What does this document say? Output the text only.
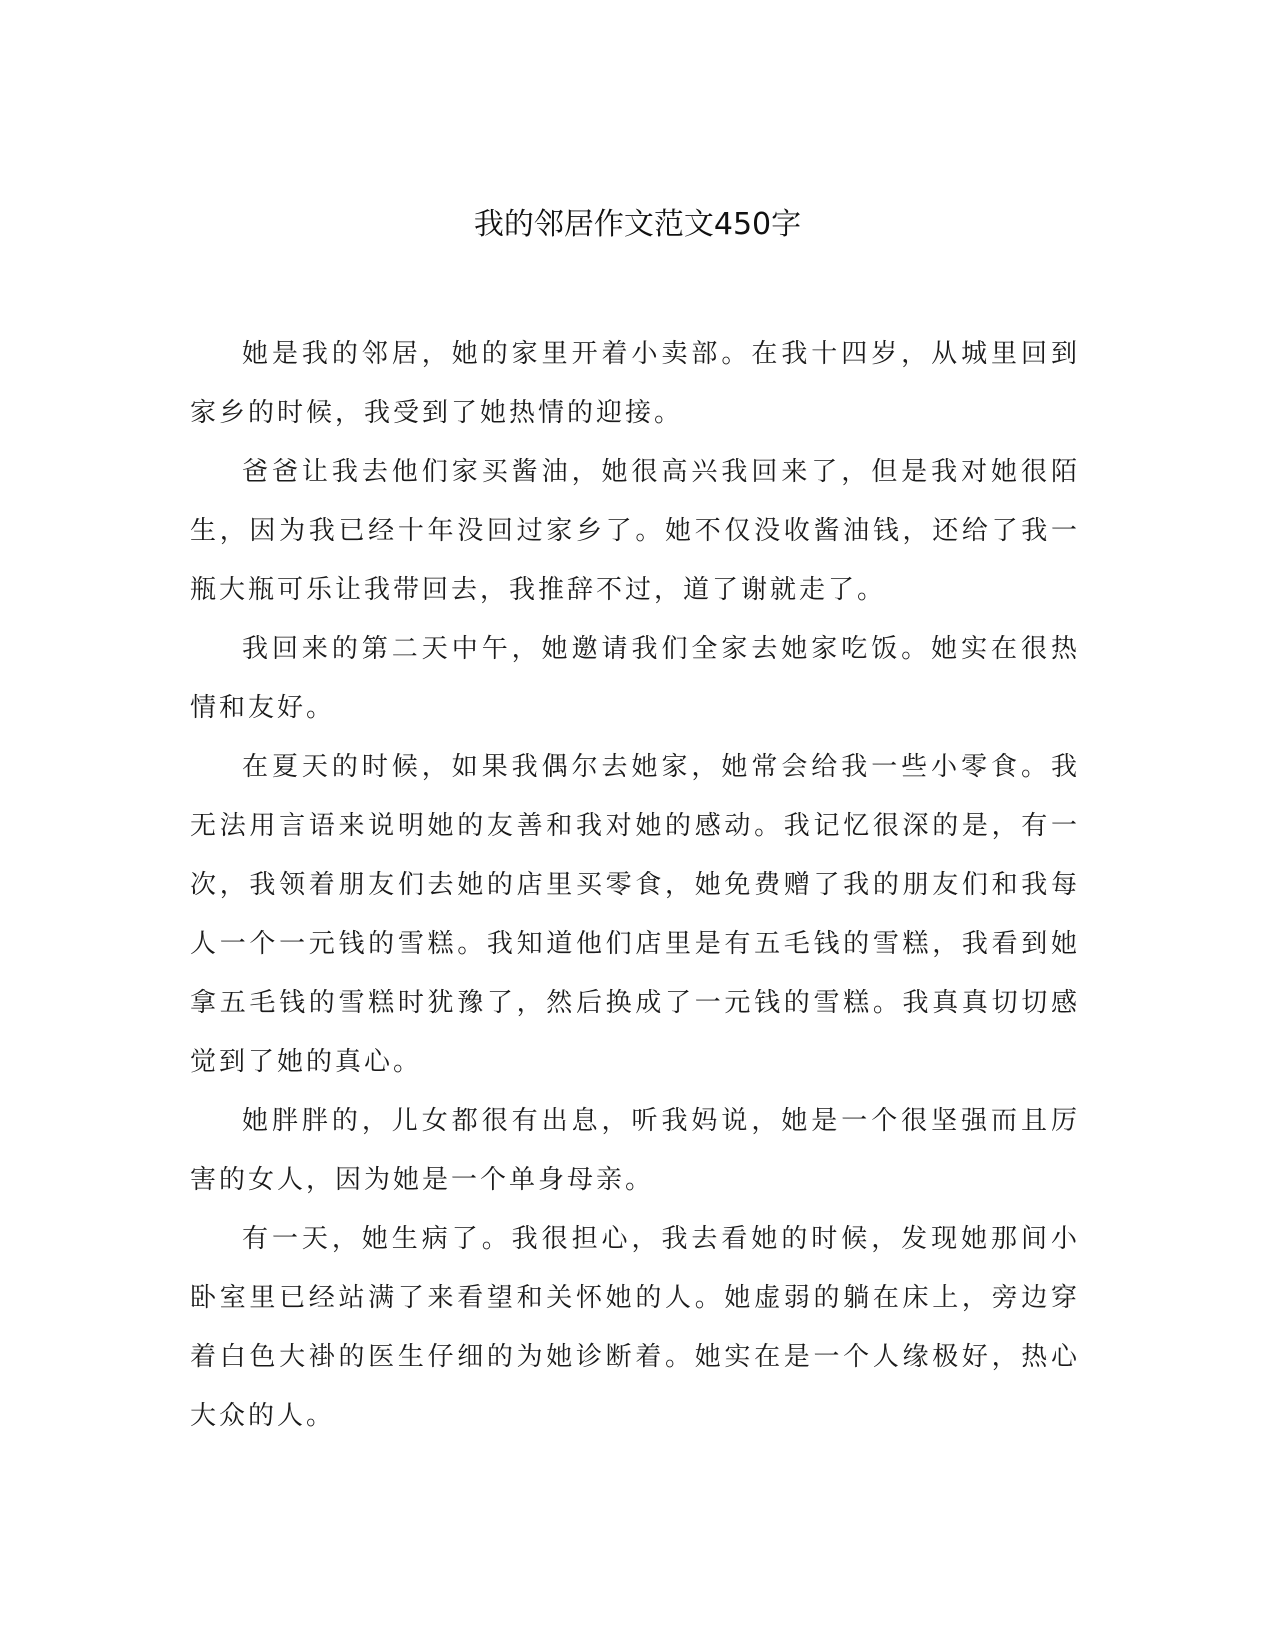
我的邻居作文范文450字

她是我的邻居，她的家里开着小卖部。在我十四岁，从城里回到家乡的时候，我受到了她热情的迎接。

爸爸让我去他们家买酱油，她很高兴我回来了，但是我对她很陌生，因为我已经十年没回过家乡了。她不仅没收酱油钱，还给了我一瓶大瓶可乐让我带回去，我推辞不过，道了谢就走了。

我回来的第二天中午，她邀请我们全家去她家吃饭。她实在很热情和友好。

在夏天的时候，如果我偶尔去她家，她常会给我一些小零食。我无法用言语来说明她的友善和我对她的感动。我记忆很深的是，有一次，我领着朋友们去她的店里买零食，她免费赠了我的朋友们和我每人一个一元钱的雪糕。我知道他们店里是有五毛钱的雪糕，我看到她拿五毛钱的雪糕时犹豫了，然后换成了一元钱的雪糕。我真真切切感觉到了她的真心。

她胖胖的，儿女都很有出息，听我妈说，她是一个很坚强而且厉害的女人，因为她是一个单身母亲。

有一天，她生病了。我很担心，我去看她的时候，发现她那间小卧室里已经站满了来看望和关怀她的人。她虚弱的躺在床上，旁边穿着白色大褂的医生仔细的为她诊断着。她实在是一个人缘极好，热心大众的人。
